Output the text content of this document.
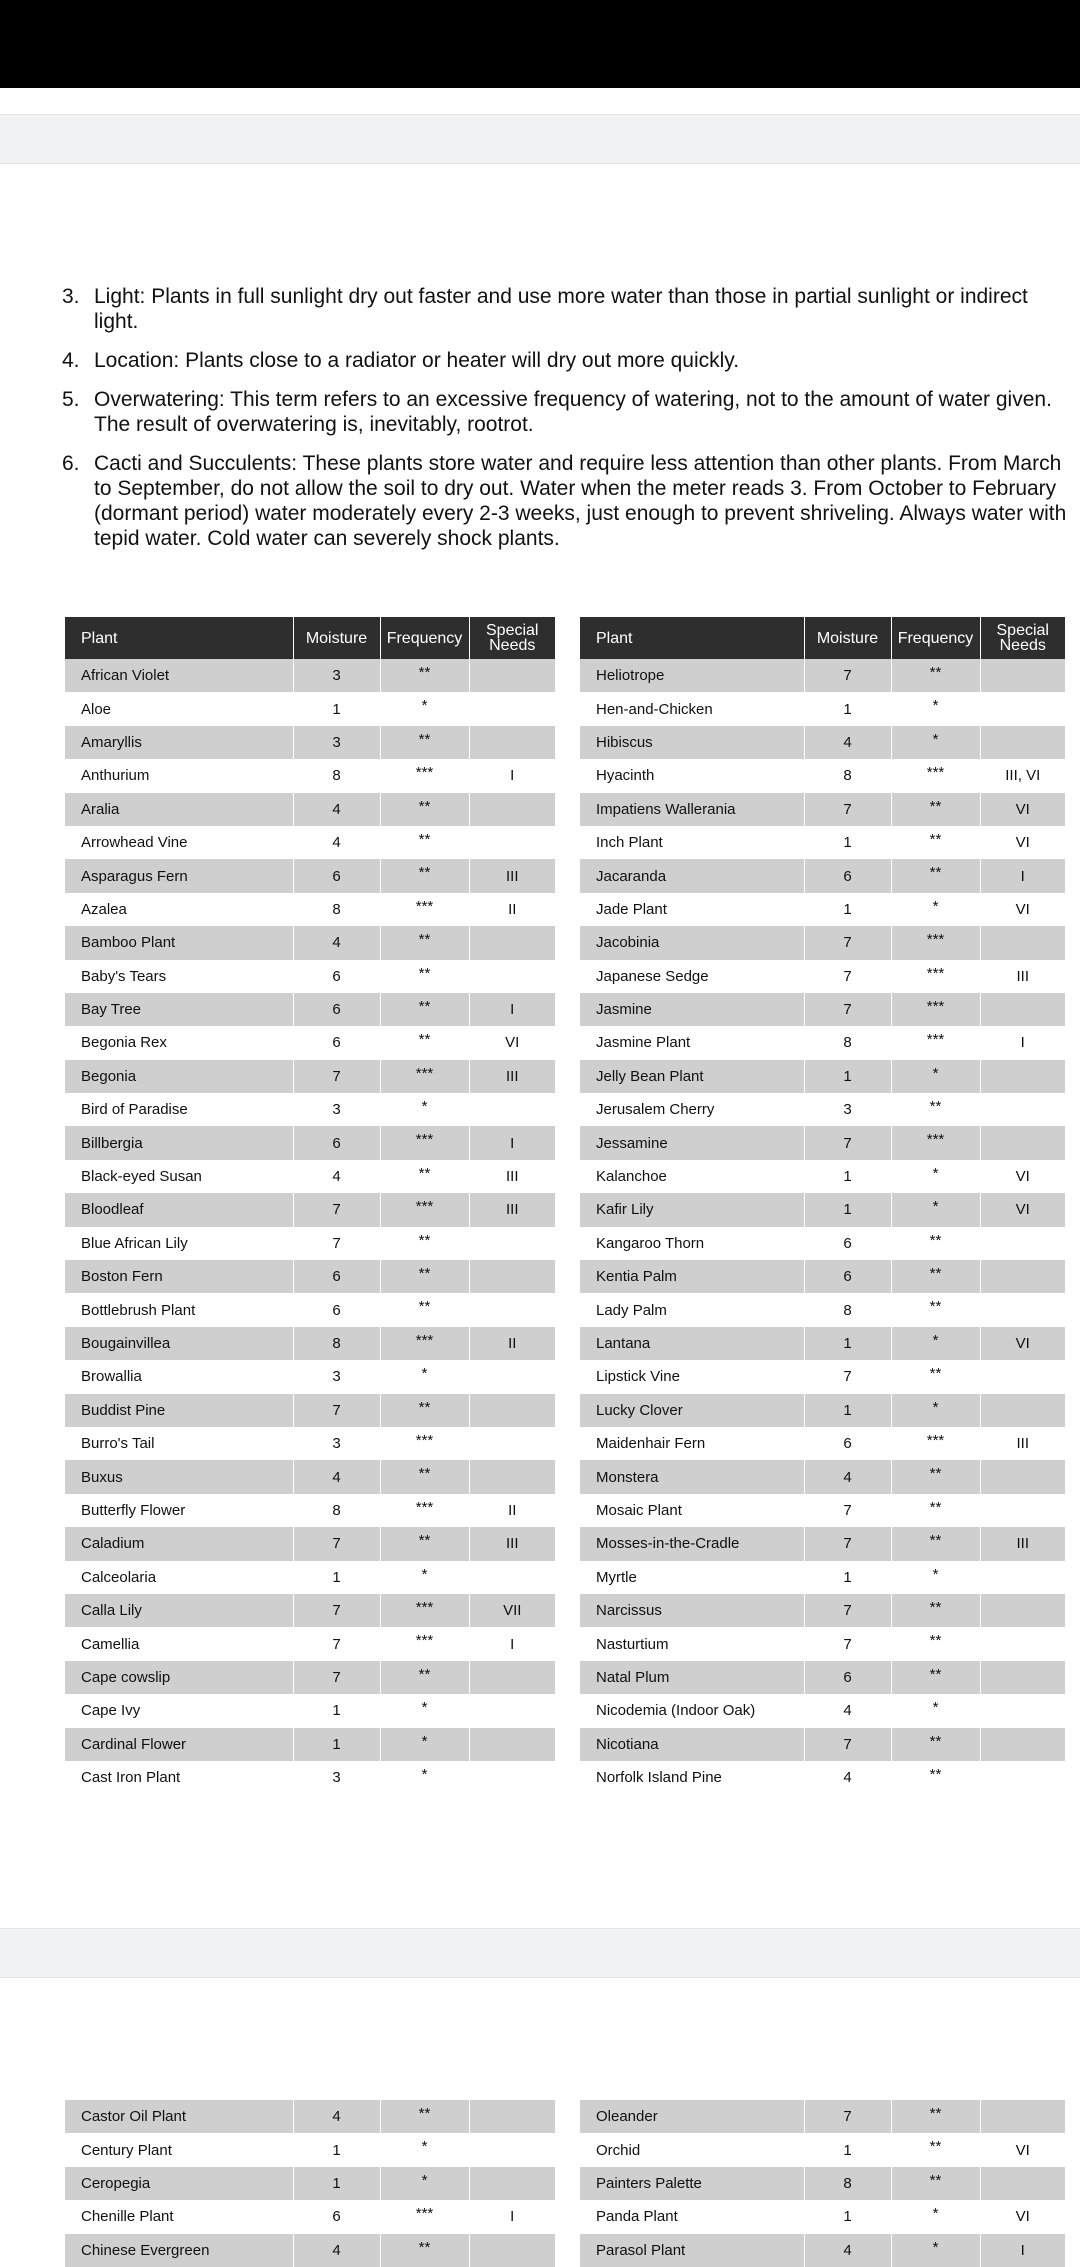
3. Light: Plants in full sunlight dry out faster and use more water than those in partial sunlight or indirect light.
4. Location: Plants close to a radiator or heater will dry out more quickly.
5. Overwatering: This term refers to an excessive frequency of watering, not to the amount of water given. The result of overwatering is, inevitably, rootrot.
6. Cacti and Succulents: These plants store water and require less attention than other plants. From March to September, do not allow the soil to dry out. Water when the meter reads 3. From October to February (dormant period) water moderately every 2-3 weeks, just enough to prevent shriveling. Always water with tepid water. Cold water can severely shock plants.
Plant	Moisture	Frequency	Special Needs
African Violet	3	**	
Aloe	1	*	
Amaryllis	3	**	
Anthurium	8	***	I
Aralia	4	**	
Arrowhead Vine	4	**	
Asparagus Fern	6	**	III
Azalea	8	***	II
Bamboo Plant	4	**	
Baby's Tears	6	**	
Bay Tree	6	**	I
Begonia Rex	6	**	VI
Begonia	7	***	III
Bird of Paradise	3	*	
Billbergia	6	***	I
Black-eyed Susan	4	**	III
Bloodleaf	7	***	III
Blue African Lily	7	**	
Boston Fern	6	**	
Bottlebrush Plant	6	**	
Bougainvillea	8	***	II
Browallia	3	*	
Buddist Pine	7	**	
Burro's Tail	3	***	
Buxus	4	**	
Butterfly Flower	8	***	II
Caladium	7	**	III
Calceolaria	1	*	
Calla Lily	7	***	VII
Camellia	7	***	I
Cape cowslip	7	**	
Cape Ivy	1	*	
Cardinal Flower	1	*	
Cast Iron Plant	3	*	
Plant	Moisture	Frequency	Special Needs
Heliotrope	7	**	
Hen-and-Chicken	1	*	
Hibiscus	4	*	
Hyacinth	8	***	III, VI
Impatiens Wallerania	7	**	VI
Inch Plant	1	**	VI
Jacaranda	6	**	I
Jade Plant	1	*	VI
Jacobinia	7	***	
Japanese Sedge	7	***	III
Jasmine	7	***	
Jasmine Plant	8	***	I
Jelly Bean Plant	1	*	
Jerusalem Cherry	3	**	
Jessamine	7	***	
Kalanchoe	1	*	VI
Kafir Lily	1	*	VI
Kangaroo Thorn	6	**	
Kentia Palm	6	**	
Lady Palm	8	**	
Lantana	1	*	VI
Lipstick Vine	7	**	
Lucky Clover	1	*	
Maidenhair Fern	6	***	III
Monstera	4	**	
Mosaic Plant	7	**	
Mosses-in-the-Cradle	7	**	III
Myrtle	1	*	
Narcissus	7	**	
Nasturtium	7	**	
Natal Plum	6	**	
Nicodemia (Indoor Oak)	4	*	
Nicotiana	7	**	
Norfolk Island Pine	4	**	
Castor Oil Plant	4	**	
Century Plant	1	*	
Ceropegia	1	*	
Chenille Plant	6	***	I
Chinese Evergreen	4	**	
Oleander	7	**	
Orchid	1	**	VI
Painters Palette	8	**	
Panda Plant	1	*	VI
Parasol Plant	4	*	I
